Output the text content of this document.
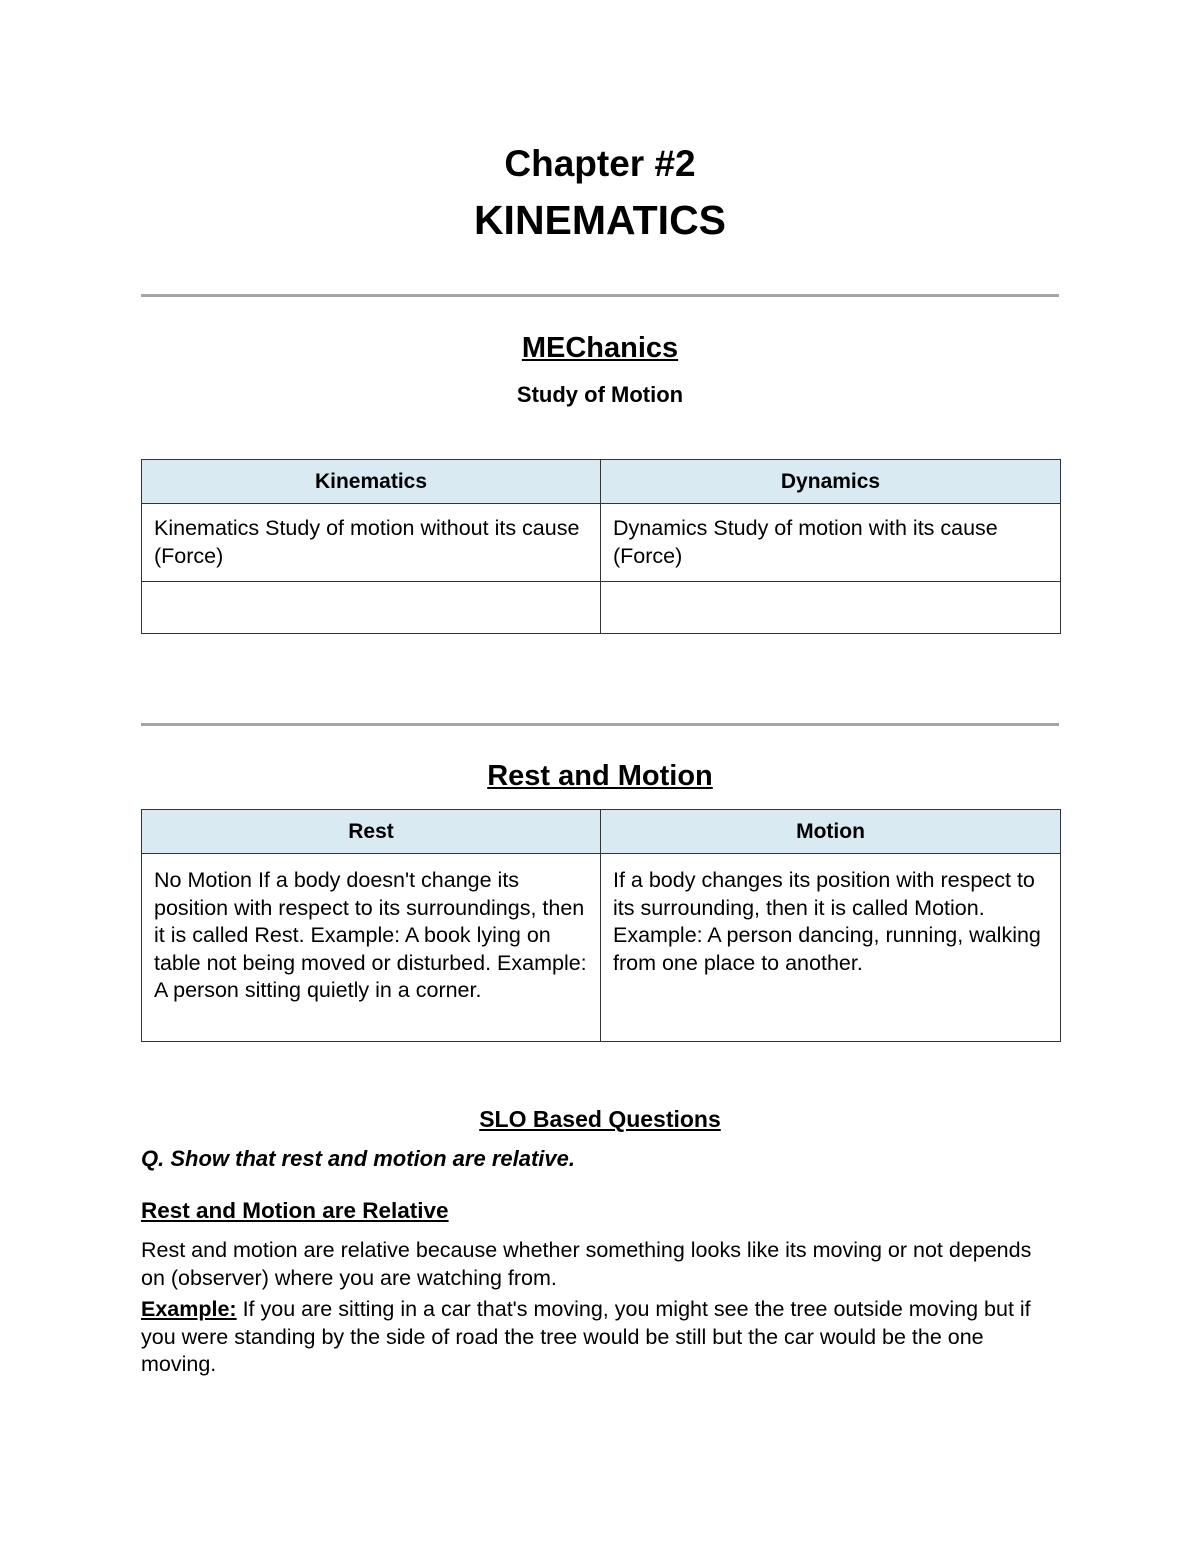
Chapter #2
KINEMATICS
MEChanics
Study of Motion
Kinematics	Dynamics

Kinematics Study of motion without its cause (Force)	Dynamics Study of motion with its cause (Force)

Rest and Motion
Rest	Motion

No Motion If a body doesn't change its position with respect to its surroundings, then it is called Rest. Example: A book lying on table not being moved or disturbed. Example: A person sitting quietly in a corner.	If a body changes its position with respect to its surrounding, then it is called Motion. Example: A person dancing, running, walking from one place to another.
SLO Based Questions
Q. Show that rest and motion are relative.
Rest and Motion are Relative
Rest and motion are relative because whether something looks like its moving or not depends on (observer) where you are watching from.
Example: If you are sitting in a car that's moving, you might see the tree outside moving but if you were standing by the side of road the tree would be still but the car would be the one moving.
